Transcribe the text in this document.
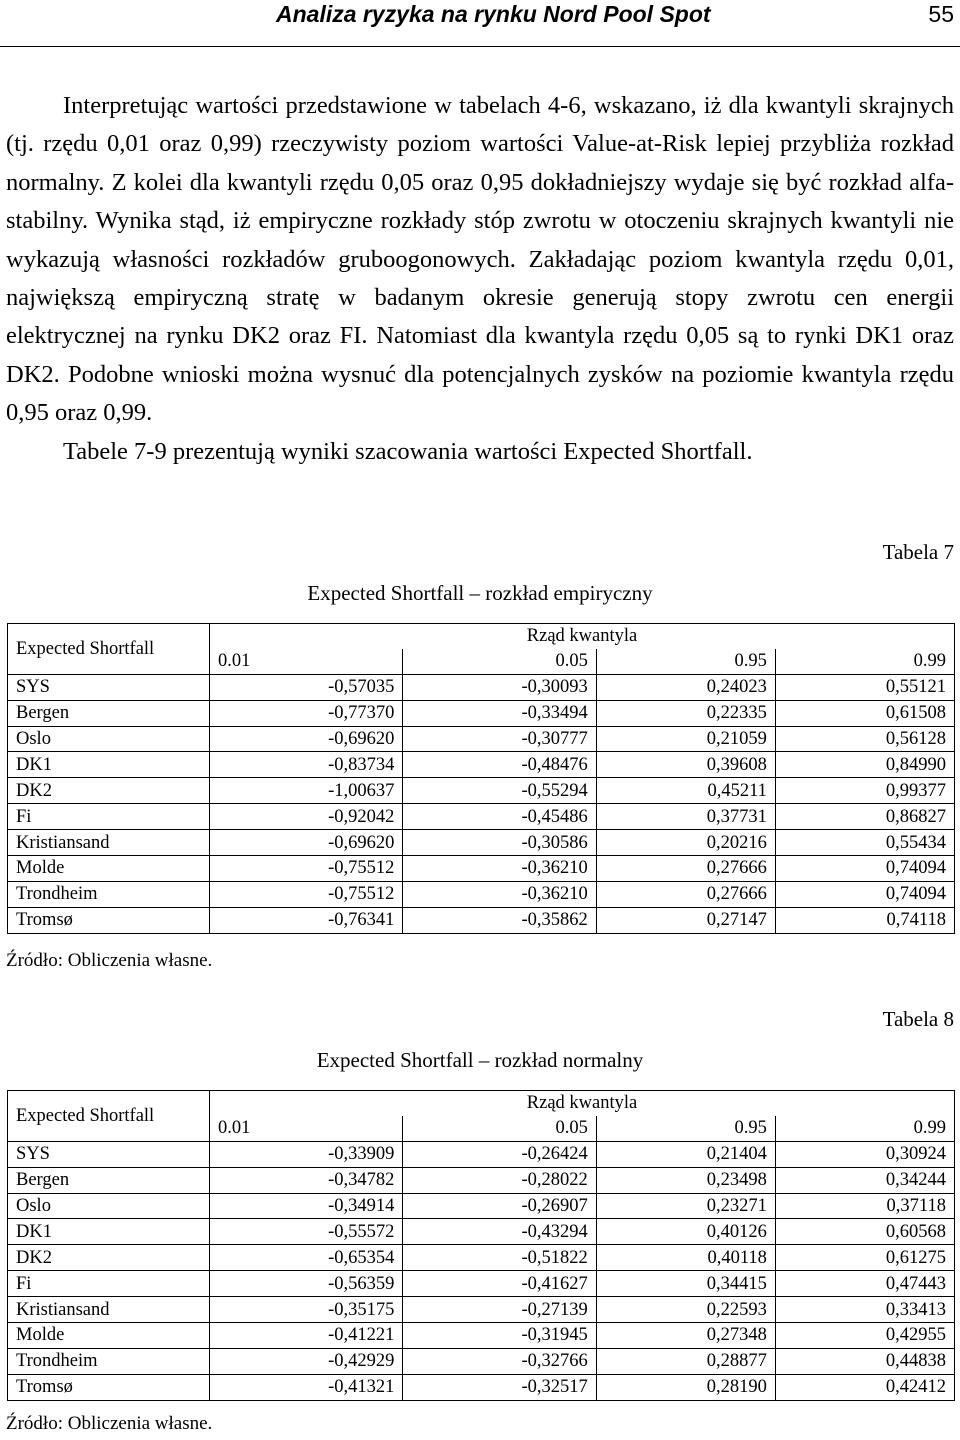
Analiza ryzyka na rynku Nord Pool Spot	55

Interpretując wartości przedstawione w tabelach 4-6, wskazano, iż dla kwantyli skrajnych (tj. rzędu 0,01 oraz 0,99) rzeczywisty poziom wartości Value-at-Risk lepiej przybliża rozkład normalny. Z kolei dla kwantyli rzędu 0,05 oraz 0,95 dokładniejszy wydaje się być rozkład alfa-stabilny. Wynika stąd, iż empiryczne rozkłady stóp zwrotu w otoczeniu skrajnych kwantyli nie wykazują własności rozkładów gruboogonowych. Zakładając poziom kwantyla rzędu 0,01, największą empiryczną stratę w badanym okresie generują stopy zwrotu cen energii elektrycznej na rynku DK2 oraz FI. Natomiast dla kwantyla rzędu 0,05 są to rynki DK1 oraz DK2. Podobne wnioski można wysnuć dla potencjalnych zysków na poziomie kwantyla rzędu 0,95 oraz 0,99.

Tabele 7-9 prezentują wyniki szacowania wartości Expected Shortfall.

Tabela 7
Expected Shortfall – rozkład empiryczny
Expected Shortfall	Rząd kwantyla			
	0.01	0.05	0.95	0.99
SYS	-0,57035	-0,30093	0,24023	0,55121
Bergen	-0,77370	-0,33494	0,22335	0,61508
Oslo	-0,69620	-0,30777	0,21059	0,56128
DK1	-0,83734	-0,48476	0,39608	0,84990
DK2	-1,00637	-0,55294	0,45211	0,99377
Fi	-0,92042	-0,45486	0,37731	0,86827
Kristiansand	-0,69620	-0,30586	0,20216	0,55434
Molde	-0,75512	-0,36210	0,27666	0,74094
Trondheim	-0,75512	-0,36210	0,27666	0,74094
Tromsø	-0,76341	-0,35862	0,27147	0,74118
Źródło: Obliczenia własne.
Tabela 8
Expected Shortfall – rozkład normalny
Expected Shortfall	Rząd kwantyla			
	0.01	0.05	0.95	0.99
SYS	-0,33909	-0,26424	0,21404	0,30924
Bergen	-0,34782	-0,28022	0,23498	0,34244
Oslo	-0,34914	-0,26907	0,23271	0,37118
DK1	-0,55572	-0,43294	0,40126	0,60568
DK2	-0,65354	-0,51822	0,40118	0,61275
Fi	-0,56359	-0,41627	0,34415	0,47443
Kristiansand	-0,35175	-0,27139	0,22593	0,33413
Molde	-0,41221	-0,31945	0,27348	0,42955
Trondheim	-0,42929	-0,32766	0,28877	0,44838
Tromsø	-0,41321	-0,32517	0,28190	0,42412
Źródło: Obliczenia własne.
